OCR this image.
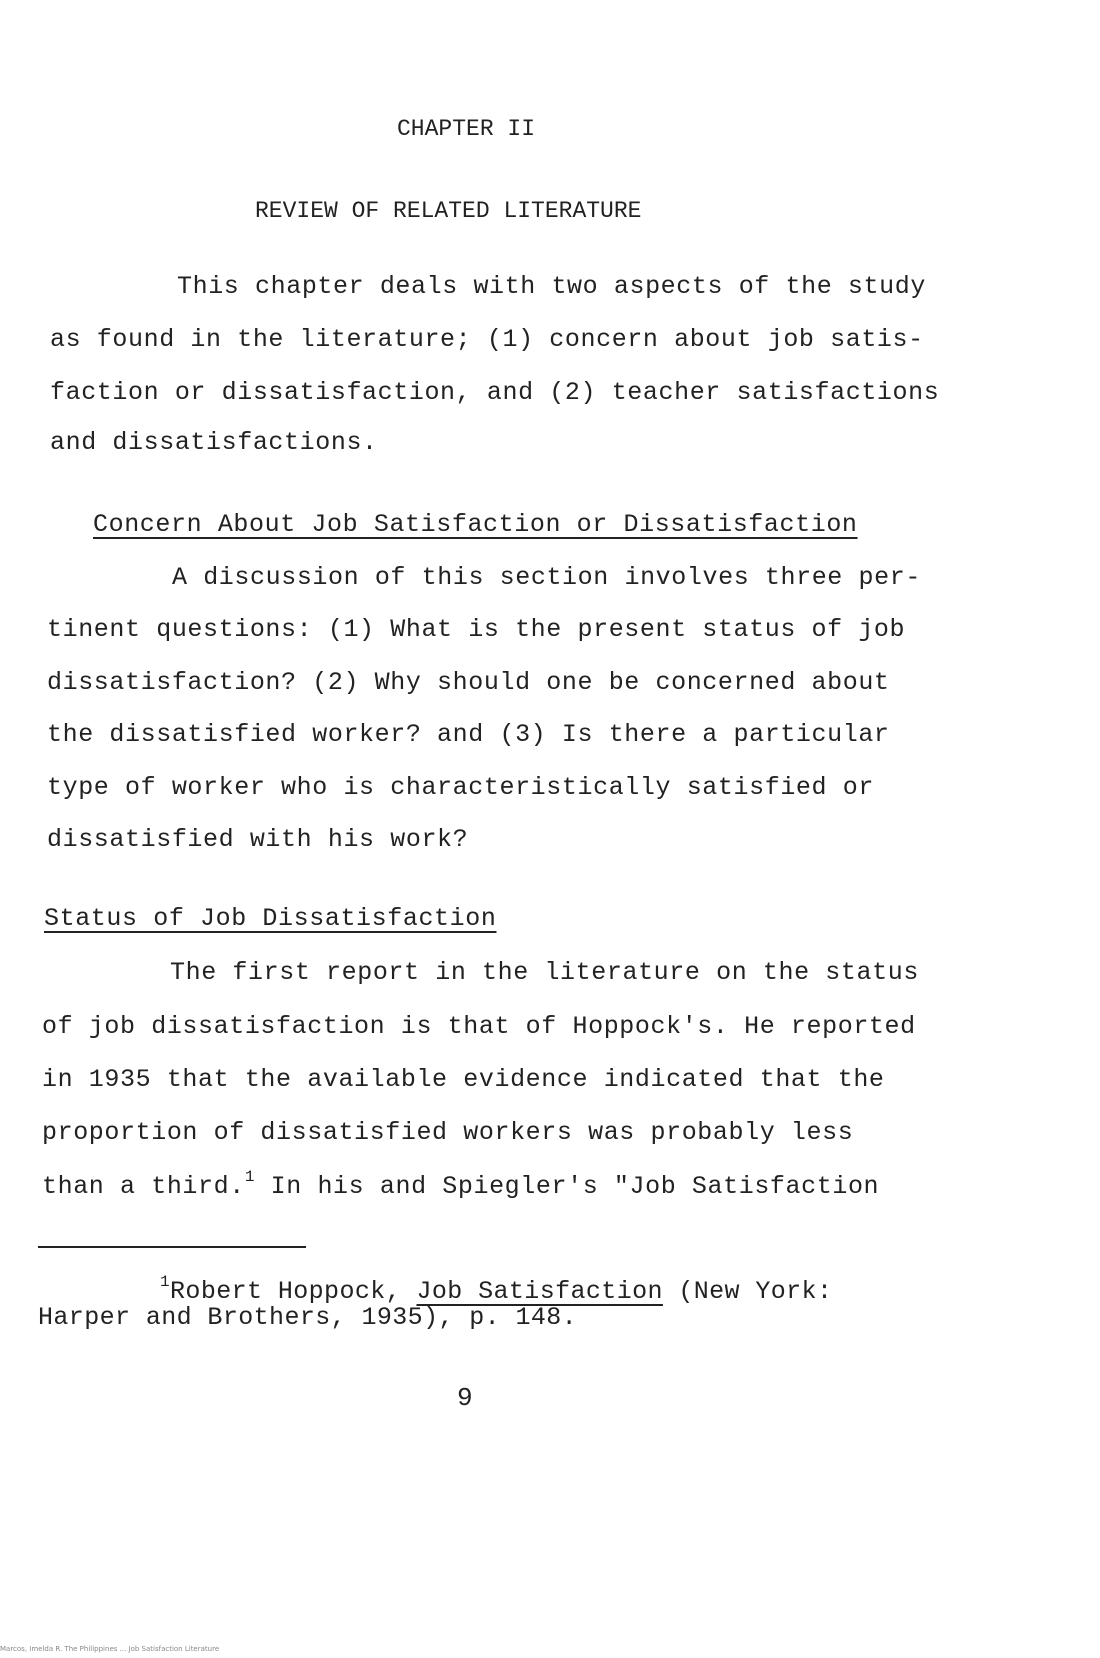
CHAPTER II
REVIEW OF RELATED LITERATURE
This chapter deals with two aspects of the study
as found in the literature; (1) concern about job satis-
faction or dissatisfaction, and (2) teacher satisfactions
and dissatisfactions.
Concern About Job Satisfaction or Dissatisfaction
A discussion of this section involves three per-
tinent questions: (1) What is the present status of job
dissatisfaction? (2) Why should one be concerned about
the dissatisfied worker? and (3) Is there a particular
type of worker who is characteristically satisfied or
dissatisfied with his work?
Status of Job Dissatisfaction
The first report in the literature on the status
of job dissatisfaction is that of Hoppock's. He reported
in 1935 that the available evidence indicated that the
proportion of dissatisfied workers was probably less
than a third.$^1$ In his and Spiegler's "Job Satisfaction
$^1$Robert Hoppock, Job Satisfaction (New York:
Harper and Brothers, 1935), p. 148.
9
Marcos, Imelda R. The Philippines ... Job Satisfaction Literature
